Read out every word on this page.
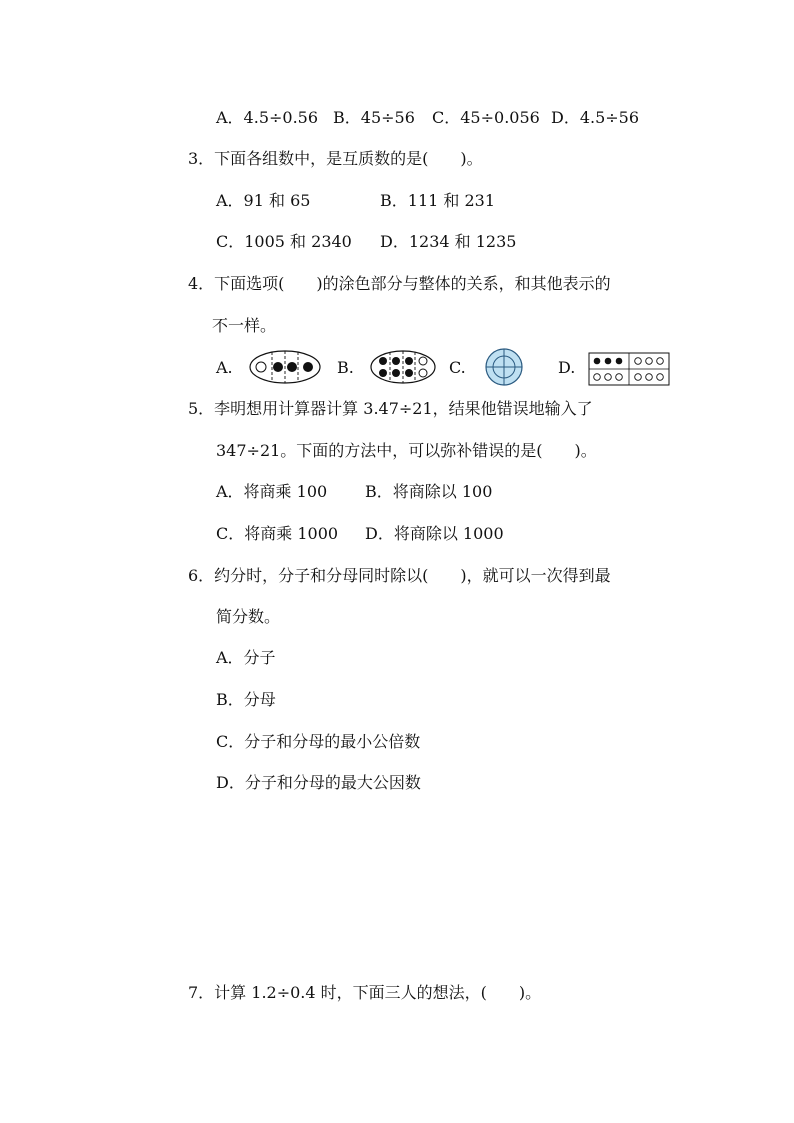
A．4.5÷0.56 B．45÷56 C．45÷0.056 D．4.5÷56
3．下面各组数中，是互质数的是(　　)。
A．91 和 65	B．111 和 231
C．1005 和 2340 D．1234 和 1235
4．下面选项(　　)的涂色部分与整体的关系，和其他表示的
不一样。
A.	B.	C.	D.
5．李明想用计算器计算 3.47÷21，结果他错误地输入了
347÷21。下面的方法中，可以弥补错误的是(　　)。
A．将商乘 100 B．将商除以 100
C．将商乘 1000 D．将商除以 1000
6．约分时，分子和分母同时除以(　　)，就可以一次得到最
简分数。
A．分子
B．分母
C．分子和分母的最小公倍数
D．分子和分母的最大公因数
7．计算 1.2÷0.4 时，下面三人的想法，(　　)。
